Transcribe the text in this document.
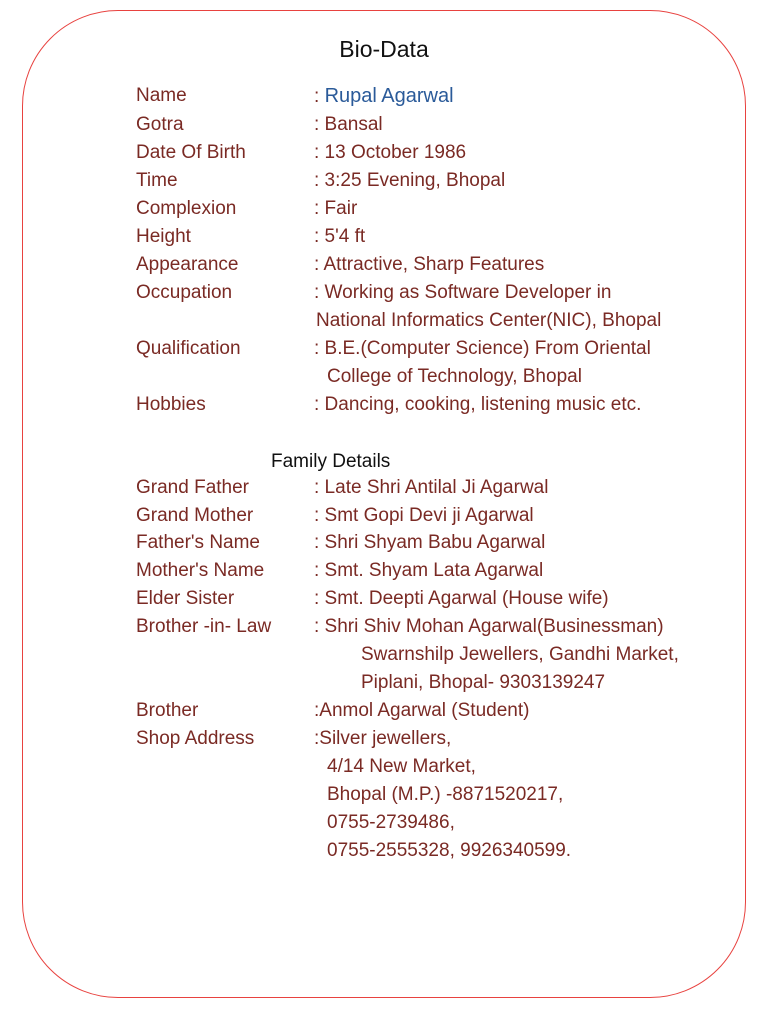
Bio-Data
Name	: Rupal Agarwal
Gotra	: Bansal
Date Of Birth	: 13 October 1986
Time	: 3:25 Evening, Bhopal
Complexion	: Fair
Height	: 5'4 ft
Appearance	: Attractive, Sharp Features
Occupation	: Working as Software Developer in
National Informatics Center(NIC), Bhopal
Qualification	: B.E.(Computer Science) From Oriental
College of Technology, Bhopal
Hobbies	: Dancing, cooking, listening music etc.
Family Details
Grand Father	: Late Shri Antilal Ji Agarwal
Grand Mother	: Smt Gopi Devi ji Agarwal
Father's Name	: Shri Shyam Babu Agarwal
Mother's Name	: Smt. Shyam Lata Agarwal
Elder Sister	: Smt. Deepti Agarwal (House wife)
Brother -in- Law : Shri Shiv Mohan Agarwal(Businessman)
Swarnshilp Jewellers, Gandhi Market,
Piplani, Bhopal- 9303139247
Brother	:Anmol Agarwal (Student)
Shop Address	:Silver jewellers,
4/14 New Market,
Bhopal (M.P.) -8871520217,
0755-2739486,
0755-2555328, 9926340599.
